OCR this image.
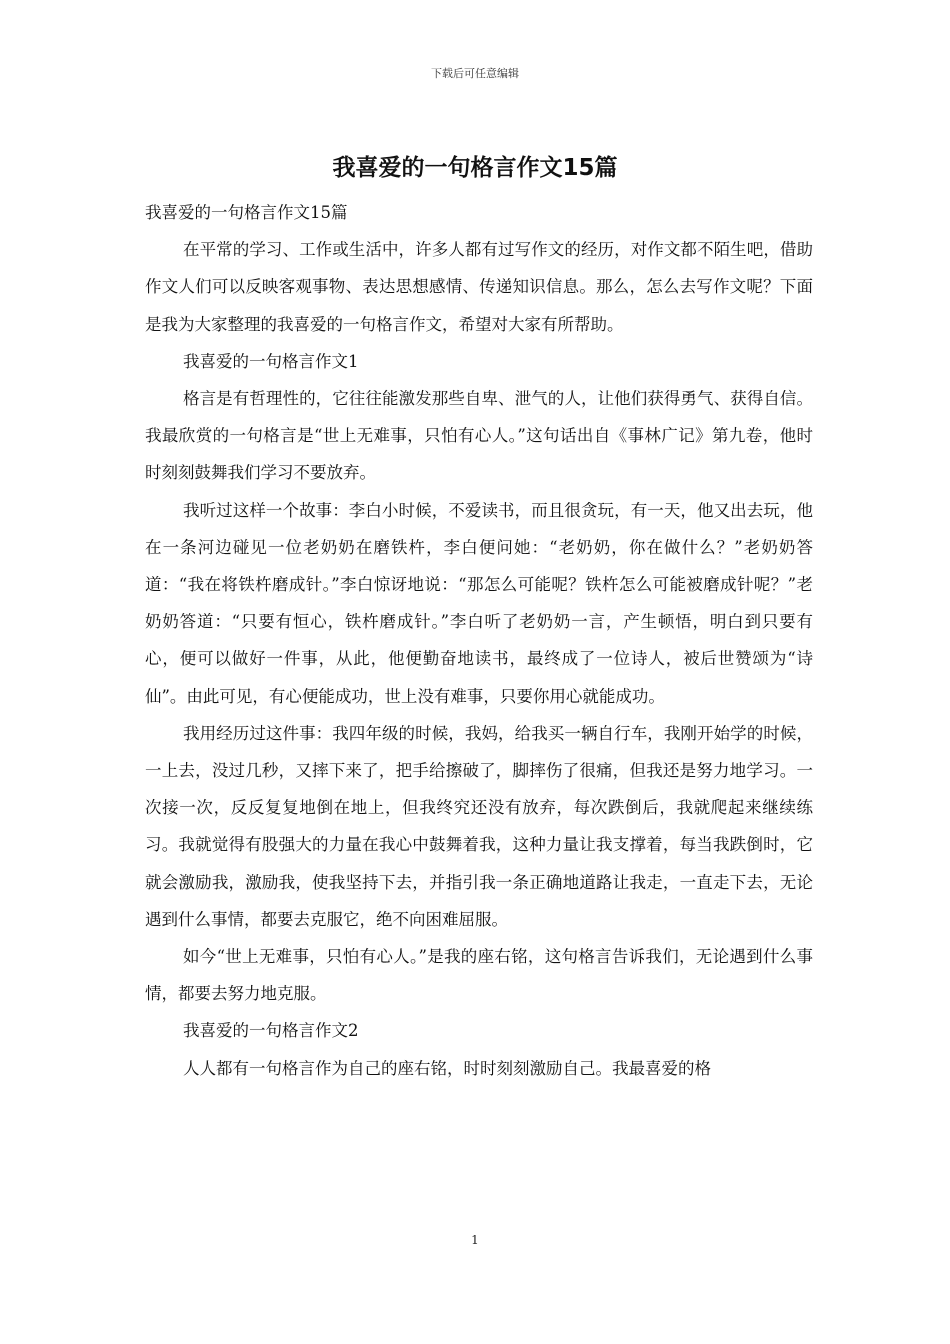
下载后可任意编辑
我喜爱的一句格言作文15篇

我喜爱的一句格言作文15篇

在平常的学习、工作或生活中，许多人都有过写作文的经历，对作文都不陌生吧，借助作文人们可以反映客观事物、表达思想感情、传递知识信息。那么，怎么去写作文呢？下面是我为大家整理的我喜爱的一句格言作文，希望对大家有所帮助。

我喜爱的一句格言作文1

格言是有哲理性的，它往往能激发那些自卑、泄气的人，让他们获得勇气、获得自信。我最欣赏的一句格言是“世上无难事，只怕有心人。”这句话出自《事林广记》第九卷，他时时刻刻鼓舞我们学习不要放弃。

我听过这样一个故事：李白小时候，不爱读书，而且很贪玩，有一天，他又出去玩，他在一条河边碰见一位老奶奶在磨铁杵，李白便问她：“老奶奶，你在做什么？”老奶奶答道：“我在将铁杵磨成针。”李白惊讶地说：“那怎么可能呢？铁杵怎么可能被磨成针呢？”老奶奶答道：“只要有恒心，铁杵磨成针。”李白听了老奶奶一言，产生顿悟，明白到只要有心，便可以做好一件事，从此，他便勤奋地读书，最终成了一位诗人，被后世赞颂为“诗仙”。由此可见，有心便能成功，世上没有难事，只要你用心就能成功。

我用经历过这件事：我四年级的时候，我妈，给我买一辆自行车，我刚开始学的时候，一上去，没过几秒，又摔下来了，把手给擦破了，脚摔伤了很痛，但我还是努力地学习。一次接一次，反反复复地倒在地上，但我终究还没有放弃，每次跌倒后，我就爬起来继续练习。我就觉得有股强大的力量在我心中鼓舞着我，这种力量让我支撑着，每当我跌倒时，它就会激励我，激励我，使我坚持下去，并指引我一条正确地道路让我走，一直走下去，无论遇到什么事情，都要去克服它，绝不向困难屈服。

如今“世上无难事，只怕有心人。”是我的座右铭，这句格言告诉我们，无论遇到什么事情，都要去努力地克服。

我喜爱的一句格言作文2

人人都有一句格言作为自己的座右铭，时时刻刻激励自己。我最喜爱的格

1
